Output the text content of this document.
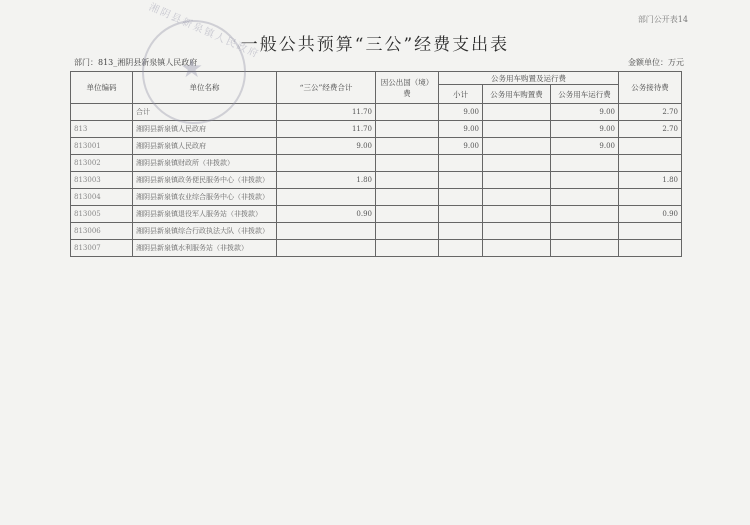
部门公开表14
一般公共预算“三公”经费支出表
部门：813_湘阴县新泉镇人民政府	金额单位：万元
单位编码	单位名称	“三公”经费合计	因公出国（境）费	公务用车购置及运行费			公务接待费
				小计	公务用车购置费	公务用车运行费	
	合计	11.70		9.00		9.00	2.70
813	湘阴县新泉镇人民政府	11.70		9.00		9.00	2.70
813001	湘阴县新泉镇人民政府	9.00		9.00		9.00	
813002	湘阴县新泉镇财政所（非拨款）						
813003	湘阴县新泉镇政务便民服务中心（非拨款）	1.80					1.80
813004	湘阴县新泉镇农业综合服务中心（非拨款）						
813005	湘阴县新泉镇退役军人服务站（非拨款）	0.90					0.90
813006	湘阴县新泉镇综合行政执法大队（非拨款）						
813007	湘阴县新泉镇水利服务站（非拨款）						
湘阴县新泉镇人民政府
★
